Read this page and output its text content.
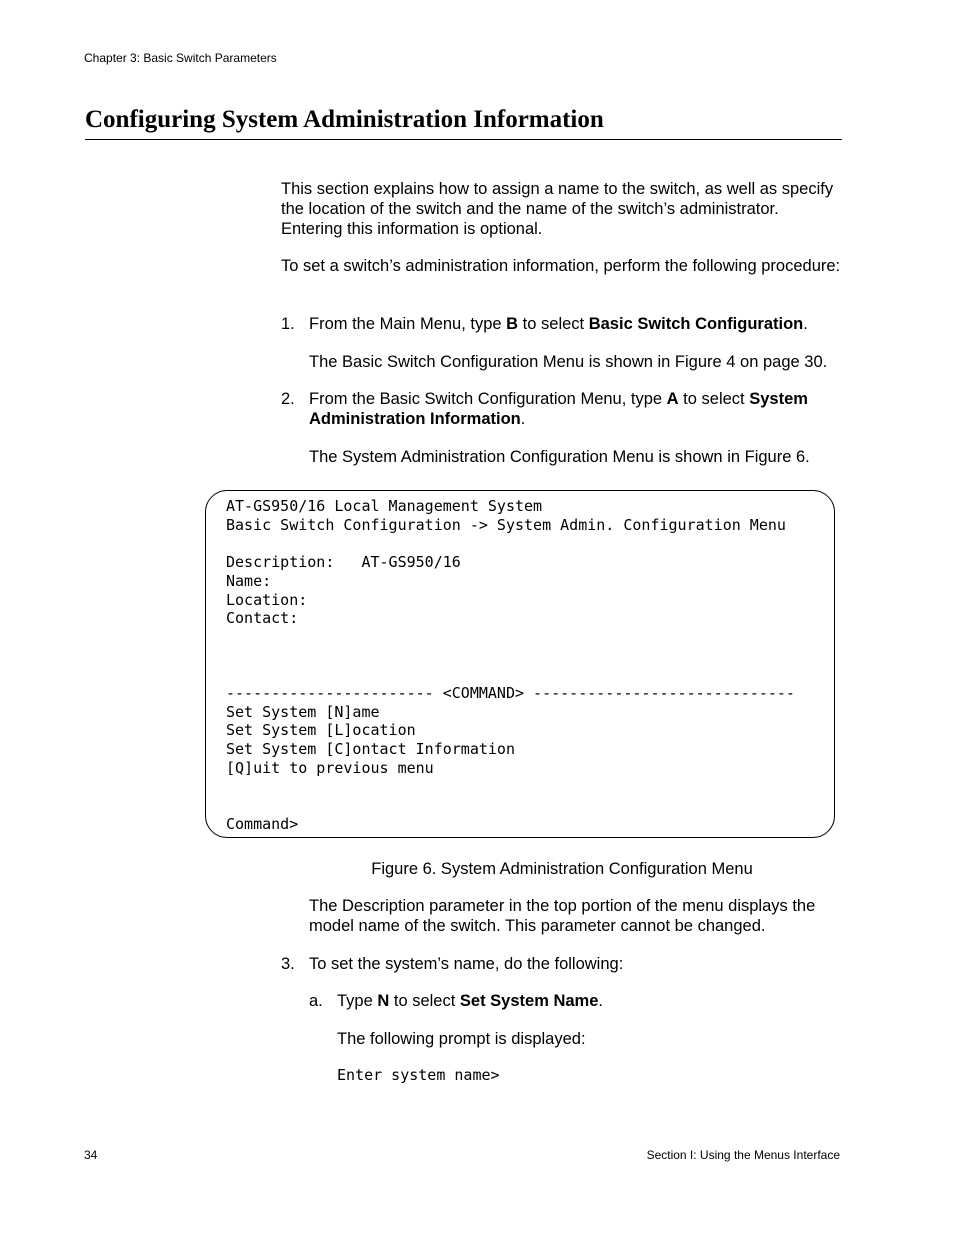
Chapter 3: Basic Switch Parameters
Configuring System Administration Information
This section explains how to assign a name to the switch, as well as specify the location of the switch and the name of the switch’s administrator. Entering this information is optional.
To set a switch’s administration information, perform the following procedure:
1. From the Main Menu, type B to select Basic Switch Configuration.
The Basic Switch Configuration Menu is shown in Figure 4 on page 30.
2. From the Basic Switch Configuration Menu, type A to select System Administration Information.
The System Administration Configuration Menu is shown in Figure 6.
AT-GS950/16 Local Management System
Basic Switch Configuration -> System Admin. Configuration Menu

Description:   AT-GS950/16
Name:
Location:
Contact:

----------------------- <COMMAND> -----------------------------
Set System [N]ame
Set System [L]ocation
Set System [C]ontact Information
[Q]uit to previous menu

Command>
Figure 6. System Administration Configuration Menu
The Description parameter in the top portion of the menu displays the model name of the switch. This parameter cannot be changed.
3. To set the system’s name, do the following:
a. Type N to select Set System Name.
The following prompt is displayed:
Enter system name>
34	Section I: Using the Menus Interface
